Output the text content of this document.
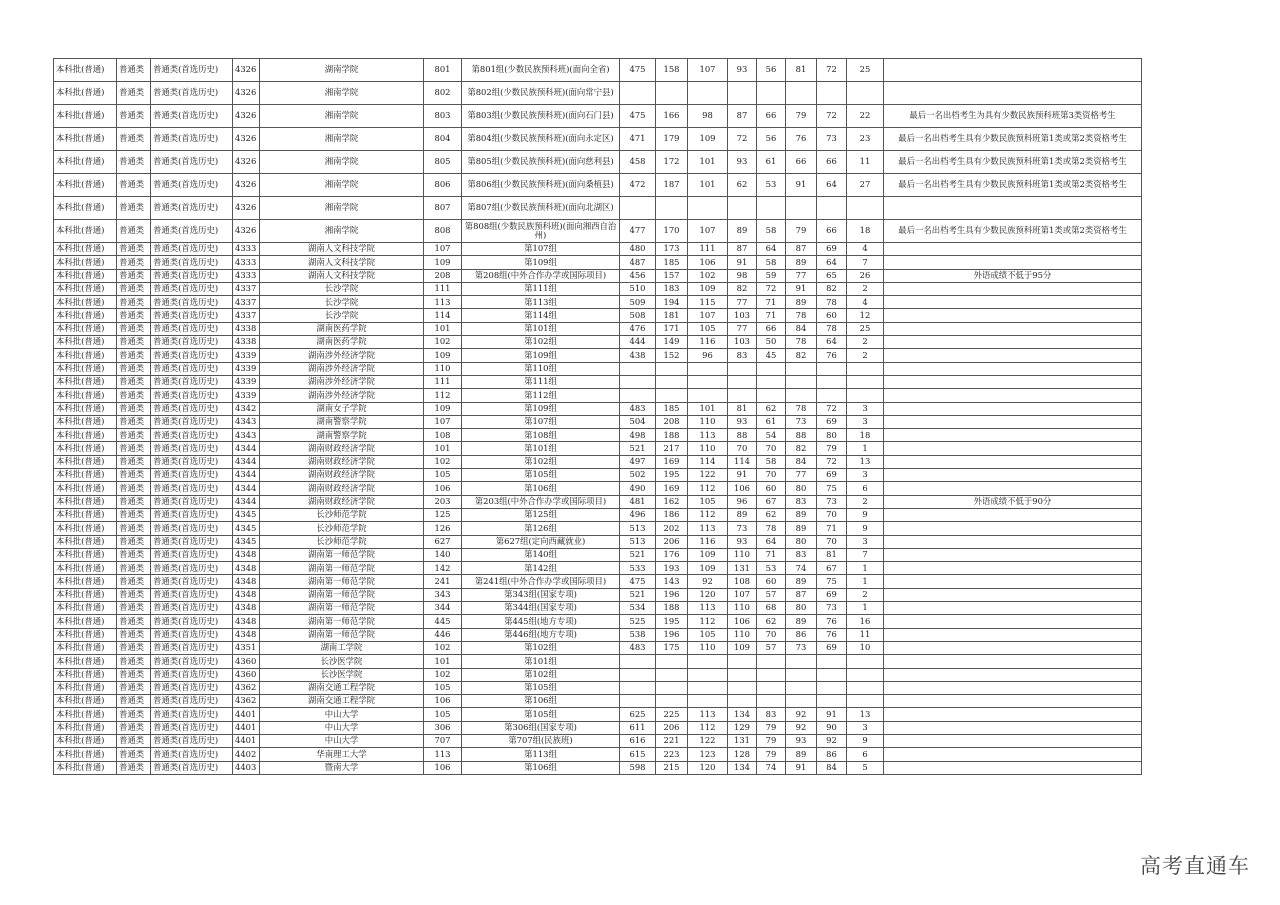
本科批(普通)	普通类	普通类(首选历史)	4326	湖南学院	801	第801组(少数民族预科班)(面向全省)	475	158	107	93	56	81	72	25	
本科批(普通)	普通类	普通类(首选历史)	4326	湘南学院	802	第802组(少数民族预科班)(面向常宁县)									
本科批(普通)	普通类	普通类(首选历史)	4326	湘南学院	803	第803组(少数民族预科班)(面向石门县)	475	166	98	87	66	79	72	22	最后一名出档考生为具有少数民族预科班第3类资格考生
本科批(普通)	普通类	普通类(首选历史)	4326	湘南学院	804	第804组(少数民族预科班)(面向永定区)	471	179	109	72	56	76	73	23	最后一名出档考生具有少数民族预科班第1类或第2类资格考生
本科批(普通)	普通类	普通类(首选历史)	4326	湘南学院	805	第805组(少数民族预科班)(面向慈利县)	458	172	101	93	61	66	66	11	最后一名出档考生具有少数民族预科班第1类或第2类资格考生
本科批(普通)	普通类	普通类(首选历史)	4326	湘南学院	806	第806组(少数民族预科班)(面向桑植县)	472	187	101	62	53	91	64	27	最后一名出档考生具有少数民族预科班第1类或第2类资格考生
本科批(普通)	普通类	普通类(首选历史)	4326	湘南学院	807	第807组(少数民族预科班)(面向北湖区)									
本科批(普通)	普通类	普通类(首选历史)	4326	湘南学院	808	第808组(少数民族预科班)(面向湘西自治州)	477	170	107	89	58	79	66	18	最后一名出档考生具有少数民族预科班第1类或第2类资格考生
本科批(普通)	普通类	普通类(首选历史)	4333	湖南人文科技学院	107	第107组	480	173	111	87	64	87	69	4	
本科批(普通)	普通类	普通类(首选历史)	4333	湖南人文科技学院	109	第109组	487	185	106	91	58	89	64	7	
本科批(普通)	普通类	普通类(首选历史)	4333	湖南人文科技学院	208	第208组(中外合作办学或国际项目)	456	157	102	98	59	77	65	26	外语成绩不低于95分
本科批(普通)	普通类	普通类(首选历史)	4337	长沙学院	111	第111组	510	183	109	82	72	91	82	2	
本科批(普通)	普通类	普通类(首选历史)	4337	长沙学院	113	第113组	509	194	115	77	71	89	78	4	
本科批(普通)	普通类	普通类(首选历史)	4337	长沙学院	114	第114组	508	181	107	103	71	78	60	12	
本科批(普通)	普通类	普通类(首选历史)	4338	湖南医药学院	101	第101组	476	171	105	77	66	84	78	25	
本科批(普通)	普通类	普通类(首选历史)	4338	湖南医药学院	102	第102组	444	149	116	103	50	78	64	2	
本科批(普通)	普通类	普通类(首选历史)	4339	湖南涉外经济学院	109	第109组	438	152	96	83	45	82	76	2	
本科批(普通)	普通类	普通类(首选历史)	4339	湖南涉外经济学院	110	第110组									
本科批(普通)	普通类	普通类(首选历史)	4339	湖南涉外经济学院	111	第111组									
本科批(普通)	普通类	普通类(首选历史)	4339	湖南涉外经济学院	112	第112组									
本科批(普通)	普通类	普通类(首选历史)	4342	湖南女子学院	109	第109组	483	185	101	81	62	78	72	3	
本科批(普通)	普通类	普通类(首选历史)	4343	湖南警察学院	107	第107组	504	208	110	93	61	73	69	3	
本科批(普通)	普通类	普通类(首选历史)	4343	湖南警察学院	108	第108组	498	188	113	88	54	88	80	18	
本科批(普通)	普通类	普通类(首选历史)	4344	湖南财政经济学院	101	第101组	521	217	110	70	70	82	79	1	
本科批(普通)	普通类	普通类(首选历史)	4344	湖南财政经济学院	102	第102组	497	169	114	114	58	84	72	13	
本科批(普通)	普通类	普通类(首选历史)	4344	湖南财政经济学院	105	第105组	502	195	122	91	70	77	69	3	
本科批(普通)	普通类	普通类(首选历史)	4344	湖南财政经济学院	106	第106组	490	169	112	106	60	80	75	6	
本科批(普通)	普通类	普通类(首选历史)	4344	湖南财政经济学院	203	第203组(中外合作办学或国际项目)	481	162	105	96	67	83	73	2	外语成绩不低于90分
本科批(普通)	普通类	普通类(首选历史)	4345	长沙师范学院	125	第125组	496	186	112	89	62	89	70	9	
本科批(普通)	普通类	普通类(首选历史)	4345	长沙师范学院	126	第126组	513	202	113	73	78	89	71	9	
本科批(普通)	普通类	普通类(首选历史)	4345	长沙师范学院	627	第627组(定向西藏就业)	513	206	116	93	64	80	70	3	
本科批(普通)	普通类	普通类(首选历史)	4348	湖南第一师范学院	140	第140组	521	176	109	110	71	83	81	7	
本科批(普通)	普通类	普通类(首选历史)	4348	湖南第一师范学院	142	第142组	533	193	109	131	53	74	67	1	
本科批(普通)	普通类	普通类(首选历史)	4348	湖南第一师范学院	241	第241组(中外合作办学或国际项目)	475	143	92	108	60	89	75	1	
本科批(普通)	普通类	普通类(首选历史)	4348	湖南第一师范学院	343	第343组(国家专项)	521	196	120	107	57	87	69	2	
本科批(普通)	普通类	普通类(首选历史)	4348	湖南第一师范学院	344	第344组(国家专项)	534	188	113	110	68	80	73	1	
本科批(普通)	普通类	普通类(首选历史)	4348	湖南第一师范学院	445	第445组(地方专项)	525	195	112	106	62	89	76	16	
本科批(普通)	普通类	普通类(首选历史)	4348	湖南第一师范学院	446	第446组(地方专项)	538	196	105	110	70	86	76	11	
本科批(普通)	普通类	普通类(首选历史)	4351	湖南工学院	102	第102组	483	175	110	109	57	73	69	10	
本科批(普通)	普通类	普通类(首选历史)	4360	长沙医学院	101	第101组									
本科批(普通)	普通类	普通类(首选历史)	4360	长沙医学院	102	第102组									
本科批(普通)	普通类	普通类(首选历史)	4362	湖南交通工程学院	105	第105组									
本科批(普通)	普通类	普通类(首选历史)	4362	湖南交通工程学院	106	第106组									
本科批(普通)	普通类	普通类(首选历史)	4401	中山大学	105	第105组	625	225	113	134	83	92	91	13	
本科批(普通)	普通类	普通类(首选历史)	4401	中山大学	306	第306组(国家专项)	611	206	112	129	79	92	90	3	
本科批(普通)	普通类	普通类(首选历史)	4401	中山大学	707	第707组(民族班)	616	221	122	131	79	93	92	9	
本科批(普通)	普通类	普通类(首选历史)	4402	华南理工大学	113	第113组	615	223	123	128	79	89	86	6	
本科批(普通)	普通类	普通类(首选历史)	4403	暨南大学	106	第106组	598	215	120	134	74	91	84	5	
高考直通车
